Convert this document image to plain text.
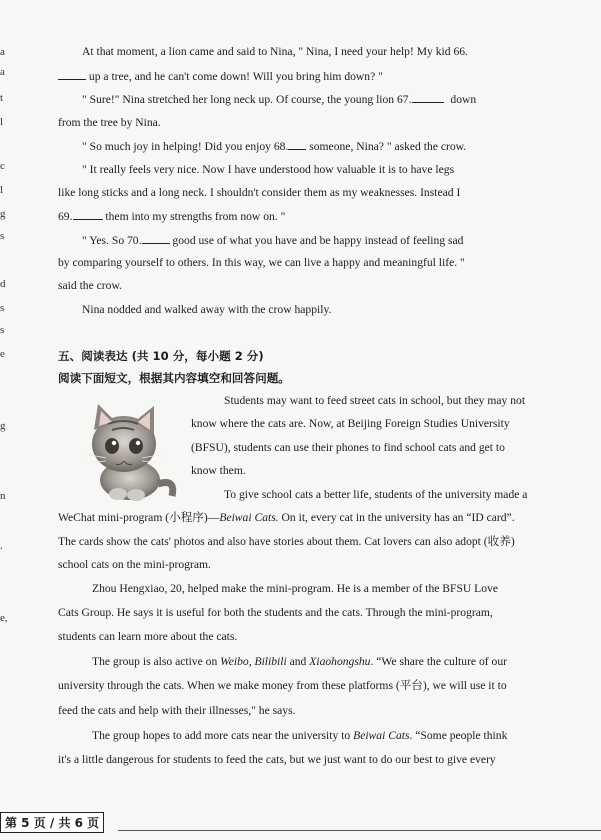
a
a
t
l
c
l
g
s
d
s
s
e
g
n
.
e,
At that moment, a lion came and said to Nina, " Nina, I need your help! My kid 66.
up a tree, and he can't come down! Will you bring him down? "
" Sure!" Nina stretched her long neck up. Of course, the young lion 67.	down
from the tree by Nina.
" So much joy in helping! Did you enjoy 68. someone, Nina? " asked the crow.
" It really feels very nice. Now I have understood how valuable it is to have legs
like long sticks and a long neck. I shouldn't consider them as my weaknesses. Instead I
69.	them into my strengths from now on. "
" Yes. So 70.	good use of what you have and be happy instead of feeling sad
by comparing yourself to others. In this way, we can live a happy and meaningful life. "
said the crow.
Nina nodded and walked away with the crow happily.
五、阅读表达 (共 10 分，每小题 2 分)
阅读下面短文，根据其内容填空和回答问题。
Students may want to feed street cats in school, but they may not
know where the cats are. Now, at Beijing Foreign Studies University
(BFSU), students can use their phones to find school cats and get to
know them.
To give school cats a better life, students of the university made a
WeChat mini-program (小程序)—Beiwai Cats. On it, every cat in the university has an “ID card”.
The cards show the cats' photos and also have stories about them. Cat lovers can also adopt (收养)
school cats on the mini-program.
Zhou Hengxiao, 20, helped make the mini-program. He is a member of the BFSU Love
Cats Group. He says it is useful for both the students and the cats. Through the mini-program,
students can learn more about the cats.
The group is also active on Weibo, Bilibili and Xiaohongshu. “We share the culture of our
university through the cats. When we make money from these platforms (平台), we will use it to
feed the cats and help with their illnesses," he says.
The group hopes to add more cats near the university to Beiwai Cats. “Some people think
it's a little dangerous for students to feed the cats, but we just want to do our best to give every
第 5 页 / 共 6 页
